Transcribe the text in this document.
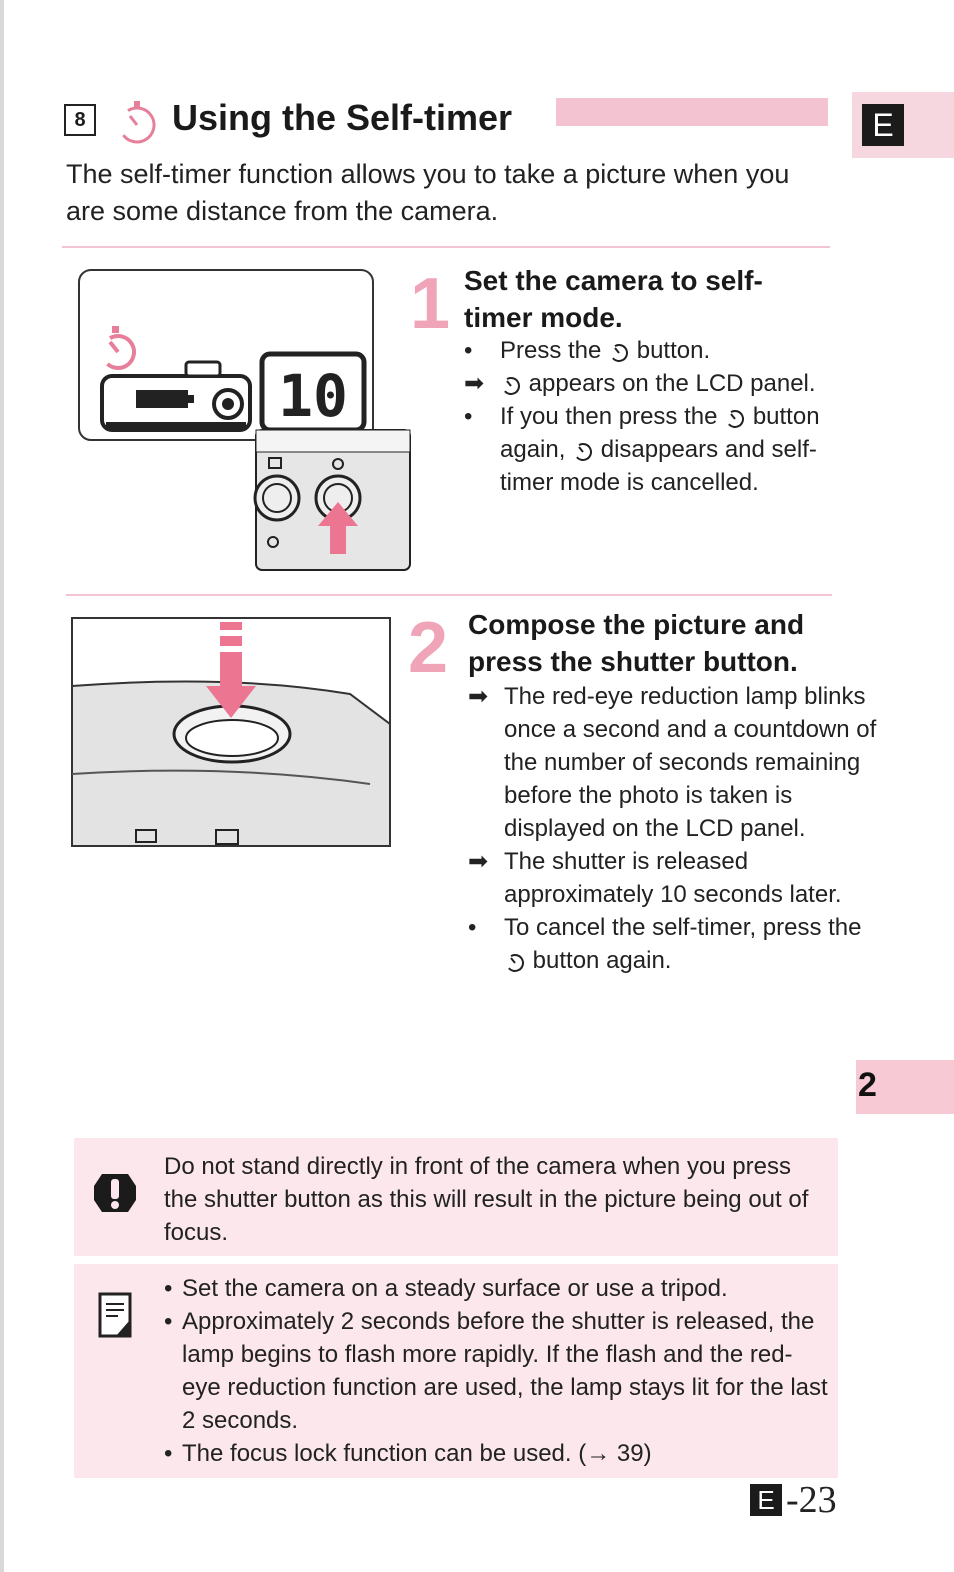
8 Using the Self-timer	E

The self-timer function allows you to take a picture when you are some distance from the camera.

10
1 Set the camera to self-timer mode.
•	Press the button.
➡	appears on the LCD panel.
•	If you then press the button again, disappears and self-timer mode is cancelled.
2 Compose the picture and press the shutter button.
➡ The red-eye reduction lamp blinks once a second and a countdown of the number of seconds remaining before the photo is taken is displayed on the LCD panel.
➡ The shutter is released approximately 10 seconds later.
•	To cancel the self-timer, press the  button again.
2

Do not stand directly in front of the camera when you press the shutter button as this will result in the picture being out of focus.

• Set the camera on a steady surface or use a tripod.
• Approximately 2 seconds before the shutter is released, the lamp begins to flash more rapidly. If the flash and the red-eye reduction function are used, the lamp stays lit for the last 2 seconds.
• The focus lock function can be used. (→ 39)
E -23
